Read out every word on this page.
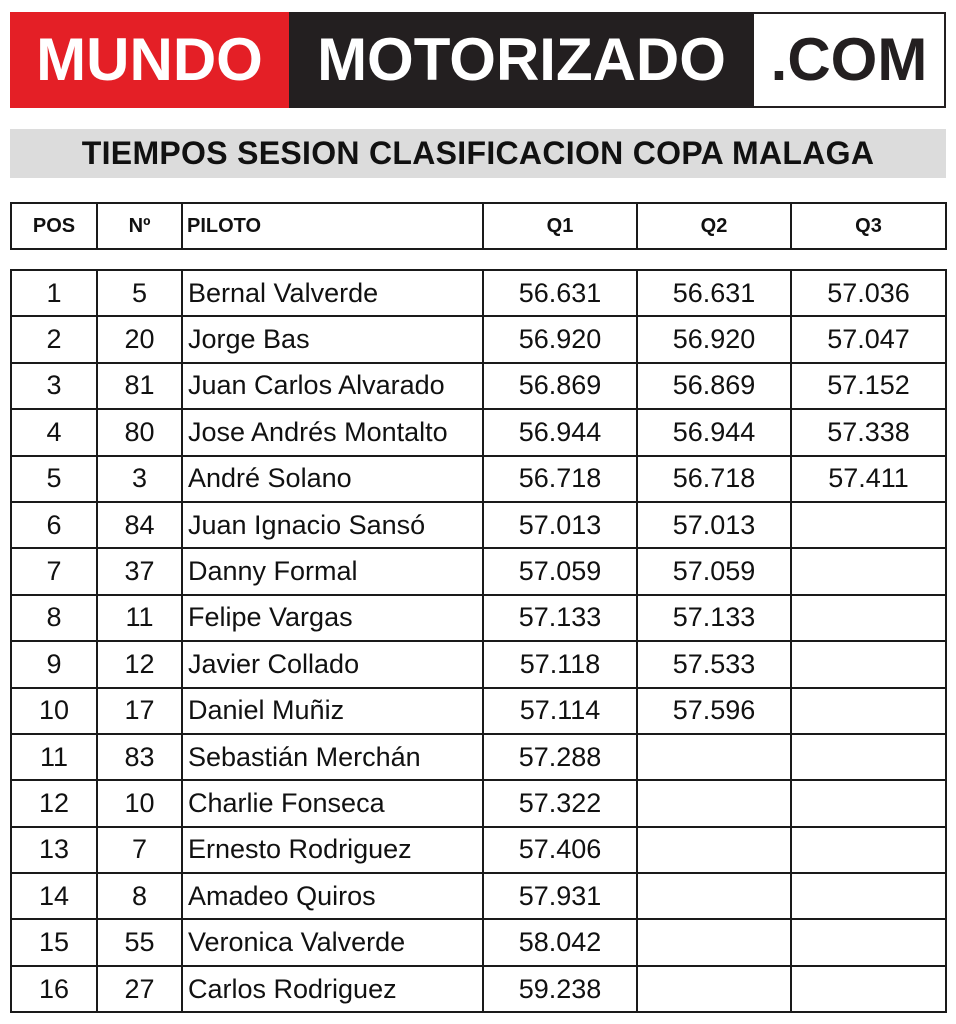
MUNDO MOTORIZADO .COM
TIEMPOS SESION CLASIFICACION COPA MALAGA
POS	Nº	PILOTO	Q1	Q2	Q3
1	5	Bernal Valverde	56.631	56.631	57.036
2	20	Jorge Bas	56.920	56.920	57.047
3	81	Juan Carlos Alvarado	56.869	56.869	57.152
4	80	Jose Andrés Montalto	56.944	56.944	57.338
5	3	André Solano	56.718	56.718	57.411
6	84	Juan Ignacio Sansó	57.013	57.013	
7	37	Danny Formal	57.059	57.059	
8	11	Felipe Vargas	57.133	57.133	
9	12	Javier Collado	57.118	57.533	
10	17	Daniel Muñiz	57.114	57.596	
11	83	Sebastián Merchán	57.288		
12	10	Charlie Fonseca	57.322		
13	7	Ernesto Rodriguez	57.406		
14	8	Amadeo Quiros	57.931		
15	55	Veronica Valverde	58.042		
16	27	Carlos Rodriguez	59.238		
